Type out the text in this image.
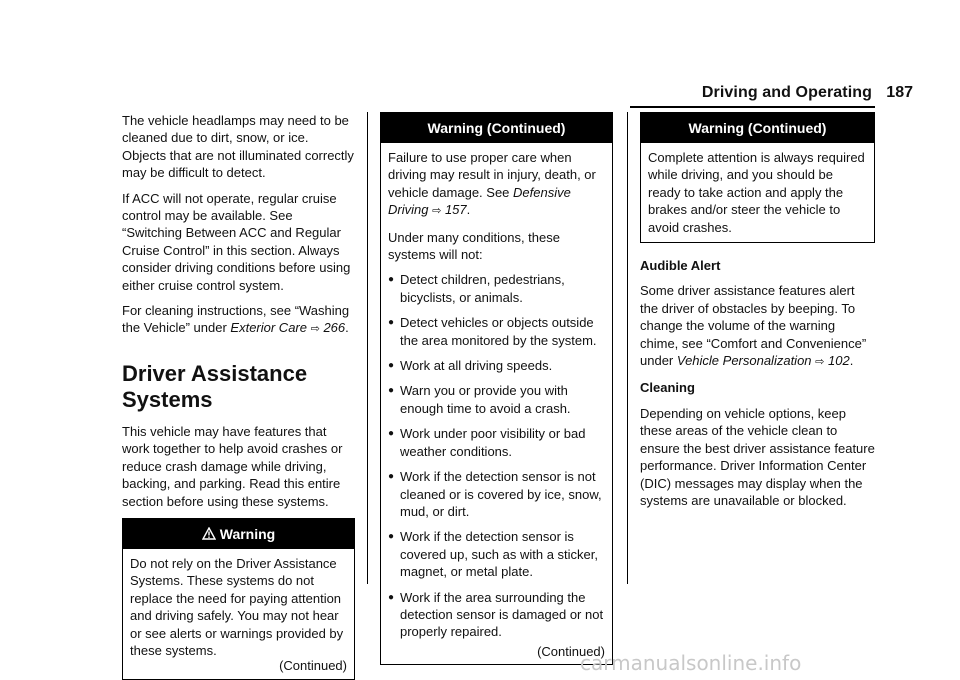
Driving and Operating 187

The vehicle headlamps may need to be cleaned due to dirt, snow, or ice. Objects that are not illuminated correctly may be difficult to detect.

If ACC will not operate, regular cruise control may be available. See “Switching Between ACC and Regular Cruise Control” in this section. Always consider driving conditions before using either cruise control system.

For cleaning instructions, see “Washing the Vehicle” under Exterior Care ⇨ 266.

Driver Assistance Systems

This vehicle may have features that work together to help avoid crashes or reduce crash damage while driving, backing, and parking. Read this entire section before using these systems.

Warning

Do not rely on the Driver Assistance Systems. These systems do not replace the need for paying attention and driving safely. You may not hear or see alerts or warnings provided by these systems.

(Continued)
Warning (Continued)

Failure to use proper care when driving may result in injury, death, or vehicle damage. See Defensive Driving ⇨ 157.

Under many conditions, these systems will not:

● Detect children, pedestrians, bicyclists, or animals.
● Detect vehicles or objects outside the area monitored by the system.
● Work at all driving speeds.
● Warn you or provide you with enough time to avoid a crash.
● Work under poor visibility or bad weather conditions.
● Work if the detection sensor is not cleaned or is covered by ice, snow, mud, or dirt.
● Work if the detection sensor is covered up, such as with a sticker, magnet, or metal plate.
● Work if the area surrounding the detection sensor is damaged or not properly repaired.
(Continued)
Warning (Continued)

Complete attention is always required while driving, and you should be ready to take action and apply the brakes and/or steer the vehicle to avoid crashes.

Audible Alert

Some driver assistance features alert the driver of obstacles by beeping. To change the volume of the warning chime, see “Comfort and Convenience” under Vehicle Personalization ⇨ 102.

Cleaning

Depending on vehicle options, keep these areas of the vehicle clean to ensure the best driver assistance feature performance. Driver Information Center (DIC) messages may display when the systems are unavailable or blocked.

carmanualsonline.info
